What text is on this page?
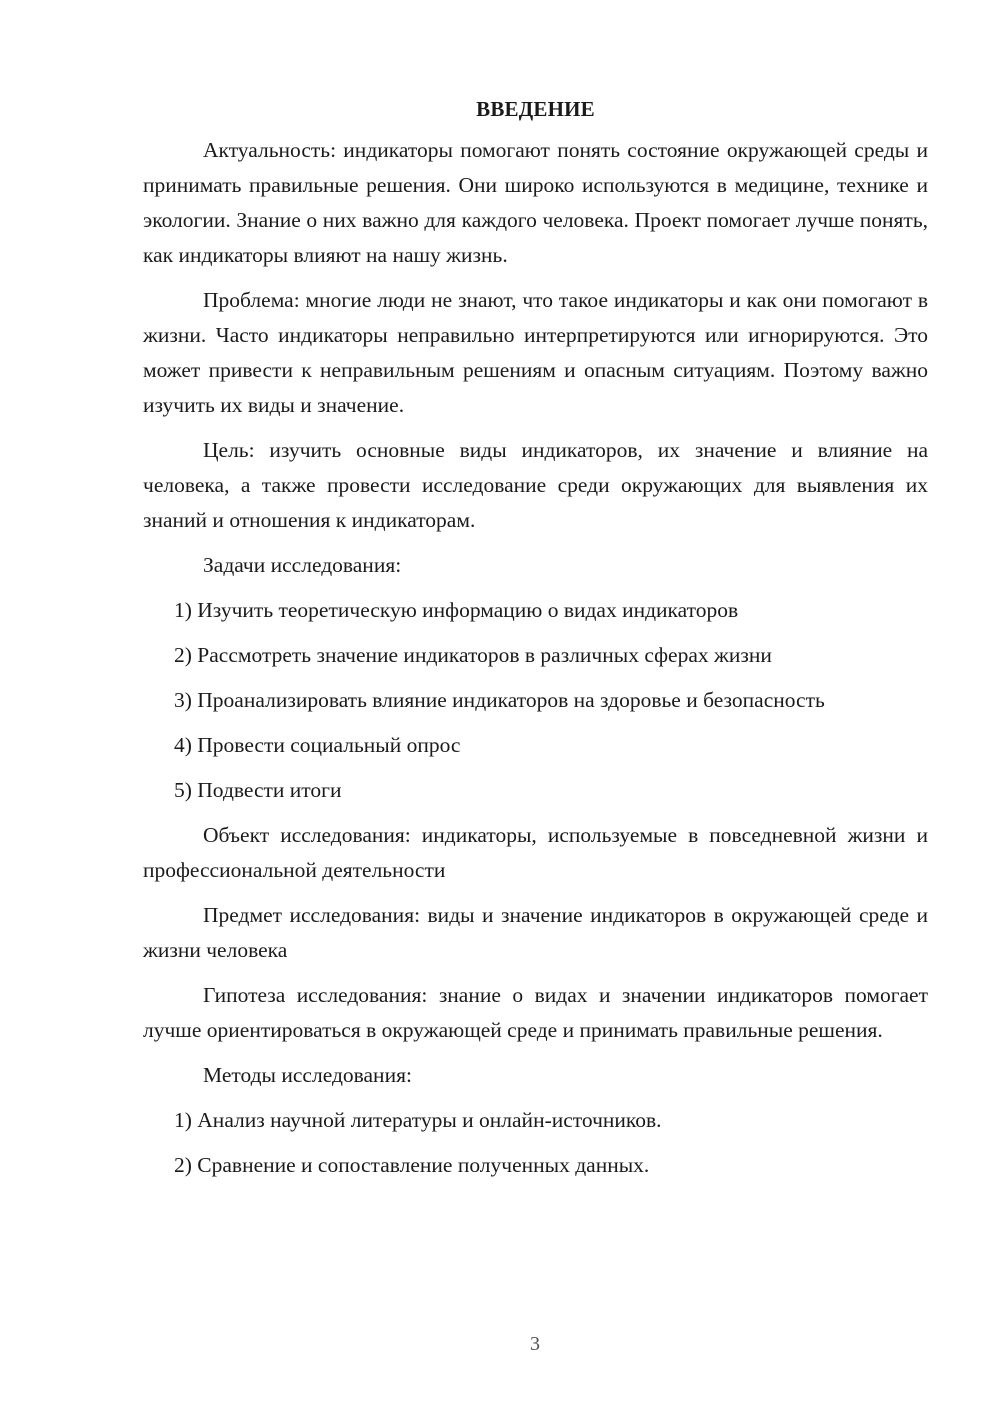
ВВЕДЕНИЕ

Актуальность: индикаторы помогают понять состояние окружающей среды и принимать правильные решения. Они широко используются в медицине, технике и экологии. Знание о них важно для каждого человека. Проект помогает лучше понять, как индикаторы влияют на нашу жизнь.

Проблема: многие люди не знают, что такое индикаторы и как они помогают в жизни. Часто индикаторы неправильно интерпретируются или игнорируются. Это может привести к неправильным решениям и опасным ситуациям. Поэтому важно изучить их виды и значение.

Цель: изучить основные виды индикаторов, их значение и влияние на человека, а также провести исследование среди окружающих для выявления их знаний и отношения к индикаторам.

Задачи исследования:

1) Изучить теоретическую информацию о видах индикаторов

2) Рассмотреть значение индикаторов в различных сферах жизни

3) Проанализировать влияние индикаторов на здоровье и безопасность

4) Провести социальный опрос

5) Подвести итоги

Объект исследования: индикаторы, используемые в повседневной жизни и профессиональной деятельности

Предмет исследования: виды и значение индикаторов в окружающей среде и жизни человека

Гипотеза исследования: знание о видах и значении индикаторов помогает лучше ориентироваться в окружающей среде и принимать правильные решения.

Методы исследования:

1) Анализ научной литературы и онлайн-источников.

2) Сравнение и сопоставление полученных данных.

3
